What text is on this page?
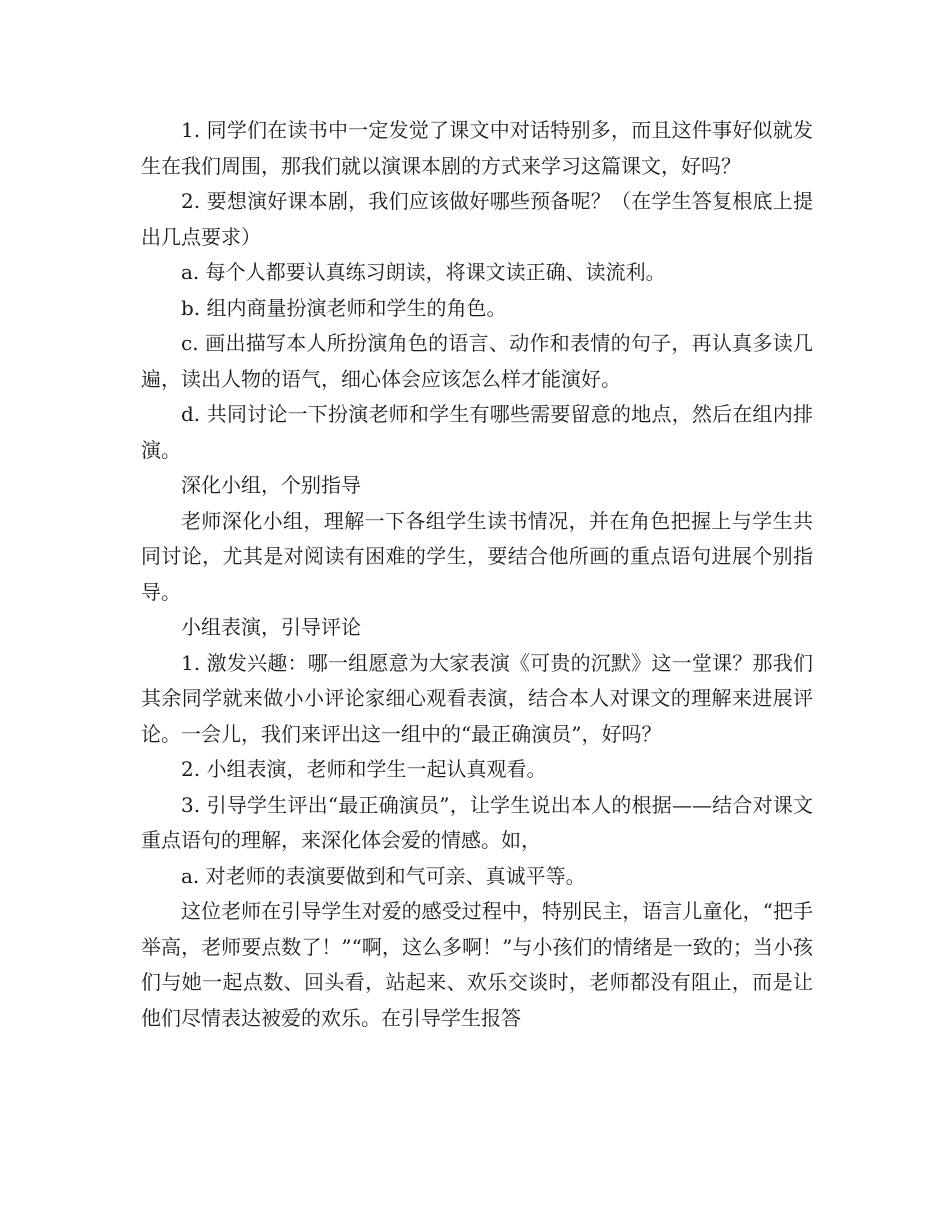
1. 同学们在读书中一定发觉了课文中对话特别多，而且这件事好似就发生在我们周围，那我们就以演课本剧的方式来学习这篇课文，好吗？

2. 要想演好课本剧，我们应该做好哪些预备呢？（在学生答复根底上提出几点要求）

a. 每个人都要认真练习朗读，将课文读正确、读流利。

b. 组内商量扮演老师和学生的角色。

c. 画出描写本人所扮演角色的语言、动作和表情的句子，再认真多读几遍，读出人物的语气，细心体会应该怎么样才能演好。

d. 共同讨论一下扮演老师和学生有哪些需要留意的地点，然后在组内排演。

深化小组，个别指导

老师深化小组，理解一下各组学生读书情况，并在角色把握上与学生共同讨论，尤其是对阅读有困难的学生，要结合他所画的重点语句进展个别指导。

小组表演，引导评论

1. 激发兴趣：哪一组愿意为大家表演《可贵的沉默》这一堂课？那我们其余同学就来做小小评论家细心观看表演，结合本人对课文的理解来进展评论。一会儿，我们来评出这一组中的“最正确演员”，好吗？

2. 小组表演，老师和学生一起认真观看。

3. 引导学生评出“最正确演员”，让学生说出本人的根据——结合对课文重点语句的理解，来深化体会爱的情感。如，

a. 对老师的表演要做到和气可亲、真诚平等。

这位老师在引导学生对爱的感受过程中，特别民主，语言儿童化，“把手举高，老师要点数了！”“啊，这么多啊！”与小孩们的情绪是一致的；当小孩们与她一起点数、回头看，站起来、欢乐交谈时，老师都没有阻止，而是让他们尽情表达被爱的欢乐。在引导学生报答
